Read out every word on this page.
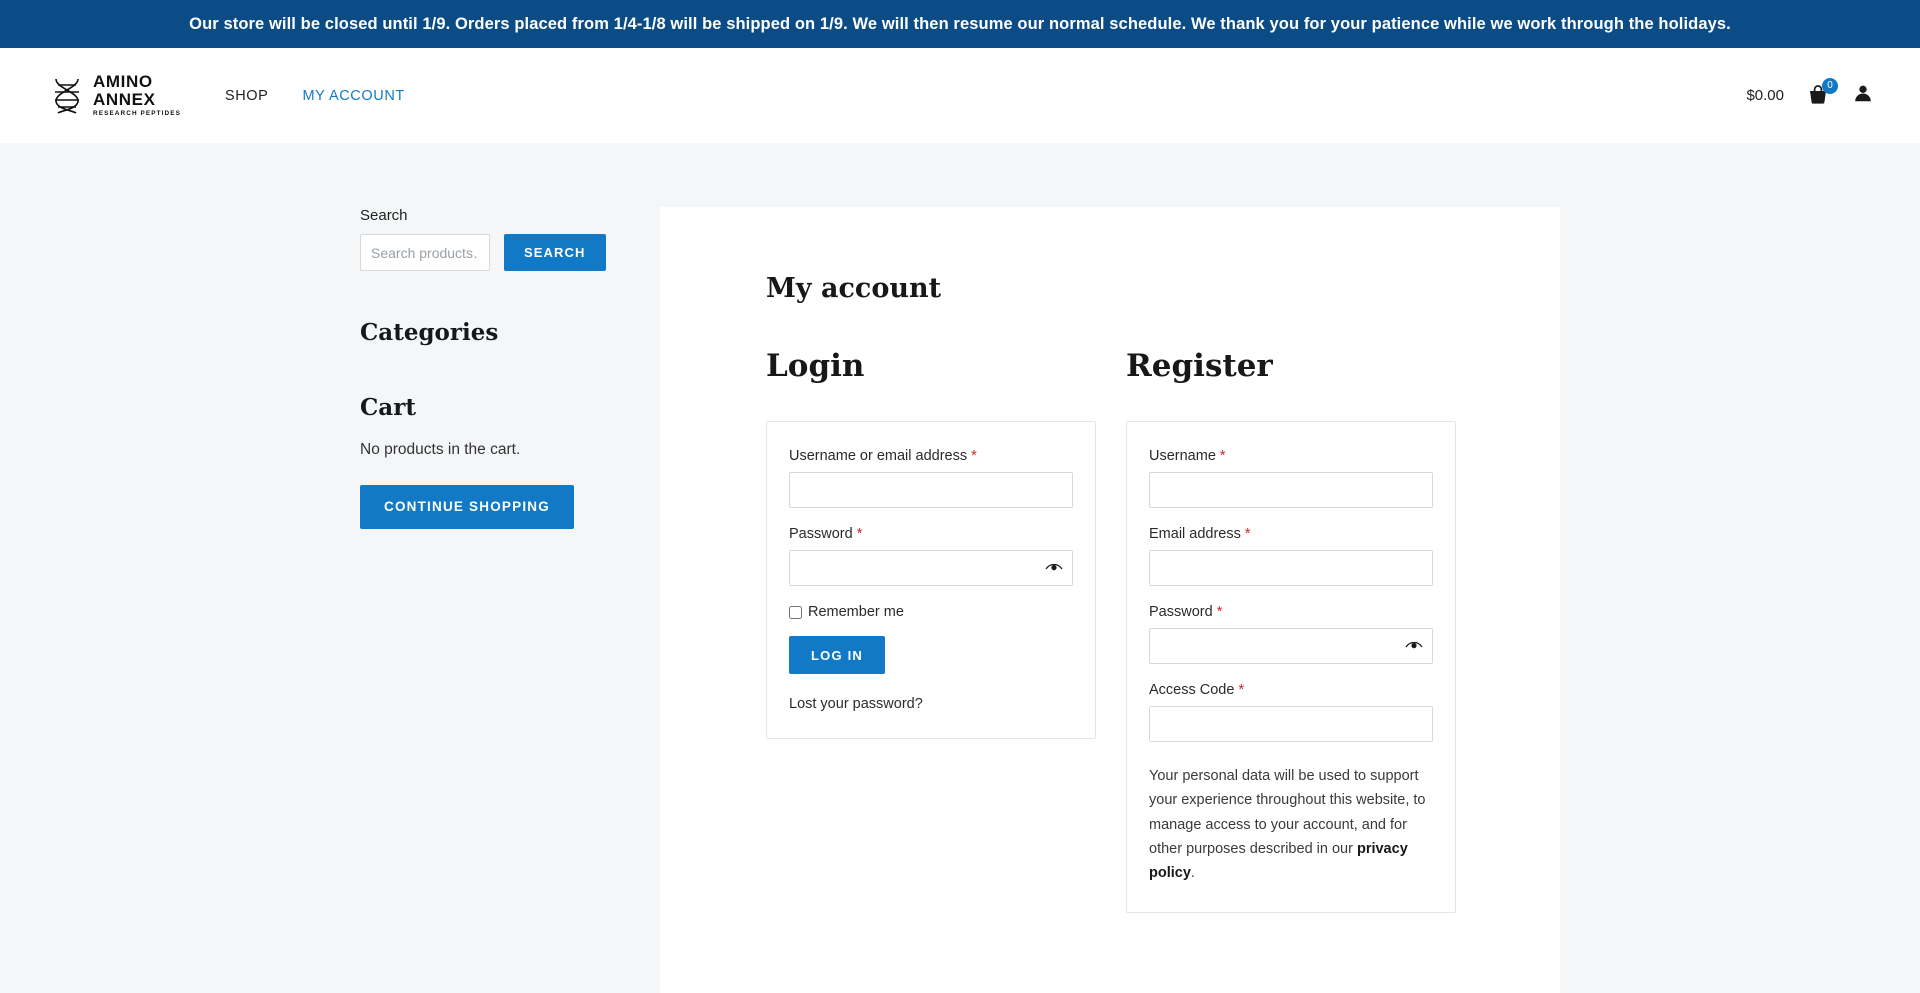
Our store will be closed until 1/9. Orders placed from 1/4-1/8 will be shipped on 1/9. We will then resume our normal schedule. We thank you for your patience while we work through the holidays.
AMINO
ANNEX
RESEARCH PEPTIDES
SHOP MY ACCOUNT	$0.00
0
Search
Search products…
SEARCH
Categories
Cart

No products in the cart.

CONTINUE SHOPPING
My account
Login
Username or email address *
Password *
Remember me
LOG IN
Lost your password?
Register
Username *
Email address *
Password *
Access Code *

Your personal data will be used to support your experience throughout this website, to manage access to your account, and for other purposes described in our privacy policy.
